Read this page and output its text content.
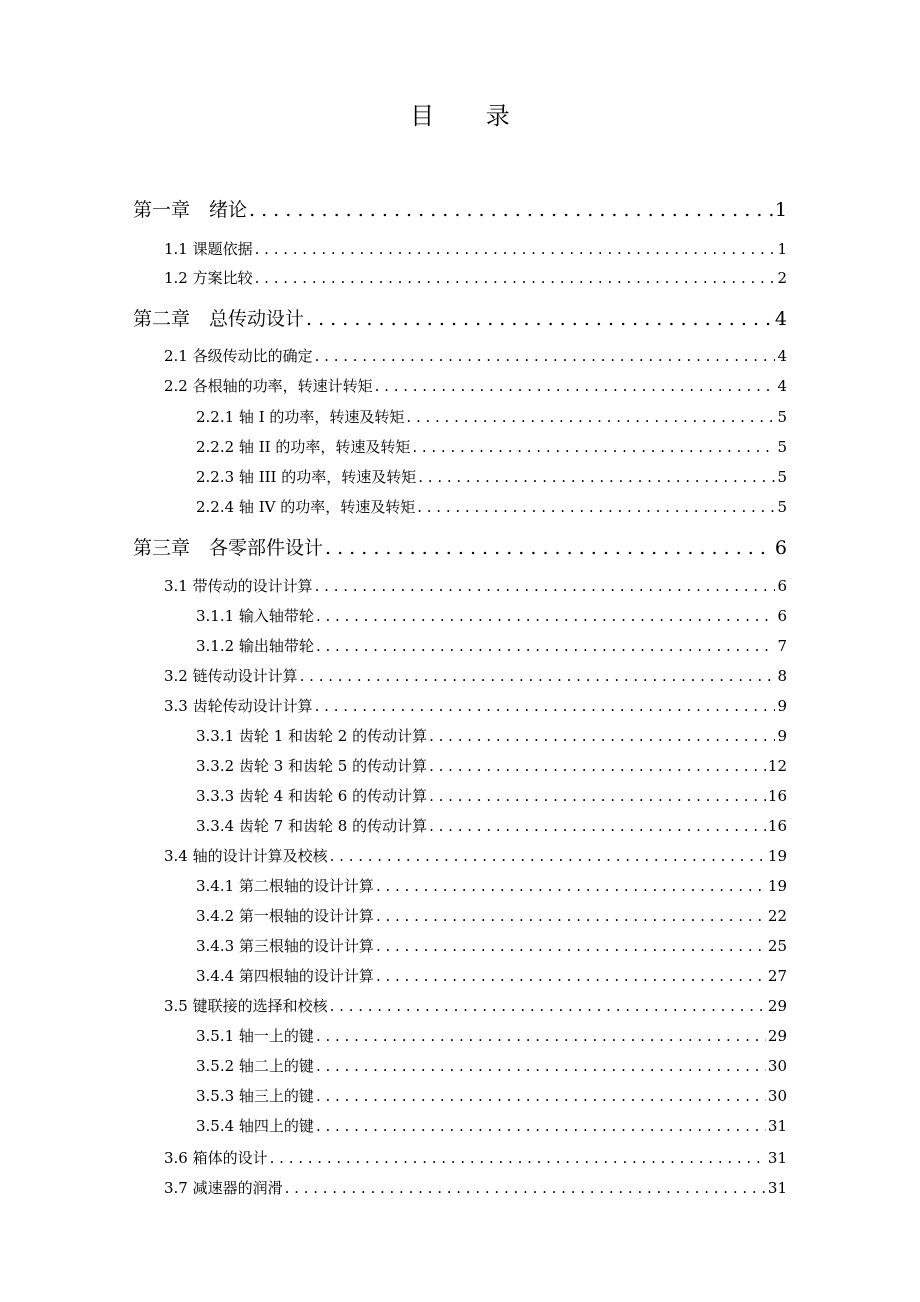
目 录
第一章　绪论 . . .	1
1.1 课题依据 . . .	1
1.2 方案比较 . . .	2
第二章　总传动设计 . . .	4
2.1 各级传动比的确定 . . .	4
2.2 各根轴的功率，转速计转矩 . . .	4
2.2.1 轴 I 的功率，转速及转矩 . . .	5
2.2.2 轴 II 的功率，转速及转矩 . . .	5
2.2.3 轴 III 的功率，转速及转矩 . . .	5
2.2.4 轴 IV 的功率，转速及转矩 . . .	5
第三章　各零部件设计 . . .	6
3.1 带传动的设计计算 . . .	6
3.1.1 输入轴带轮 . . .	6
3.1.2 输出轴带轮 . . .	7
3.2 链传动设计计算 . . .	8
3.3 齿轮传动设计计算 . . .	9
3.3.1 齿轮 1 和齿轮 2 的传动计算 . . .	9
3.3.2 齿轮 3 和齿轮 5 的传动计算 . . .	12
3.3.3 齿轮 4 和齿轮 6 的传动计算 . . .	16
3.3.4 齿轮 7 和齿轮 8 的传动计算 . . .	16
3.4 轴的设计计算及校核 . . .	19
3.4.1 第二根轴的设计计算 . . .	19
3.4.2 第一根轴的设计计算 . . .	22
3.4.3 第三根轴的设计计算 . . .	25
3.4.4 第四根轴的设计计算 . . .	27
3.5 键联接的选择和校核 . . .	29
3.5.1 轴一上的键 . . .	29
3.5.2 轴二上的键 . . .	30
3.5.3 轴三上的键 . . .	30
3.5.4 轴四上的键 . . .	31
3.6 箱体的设计 . . .	31
3.7 减速器的润滑 . . .	31
